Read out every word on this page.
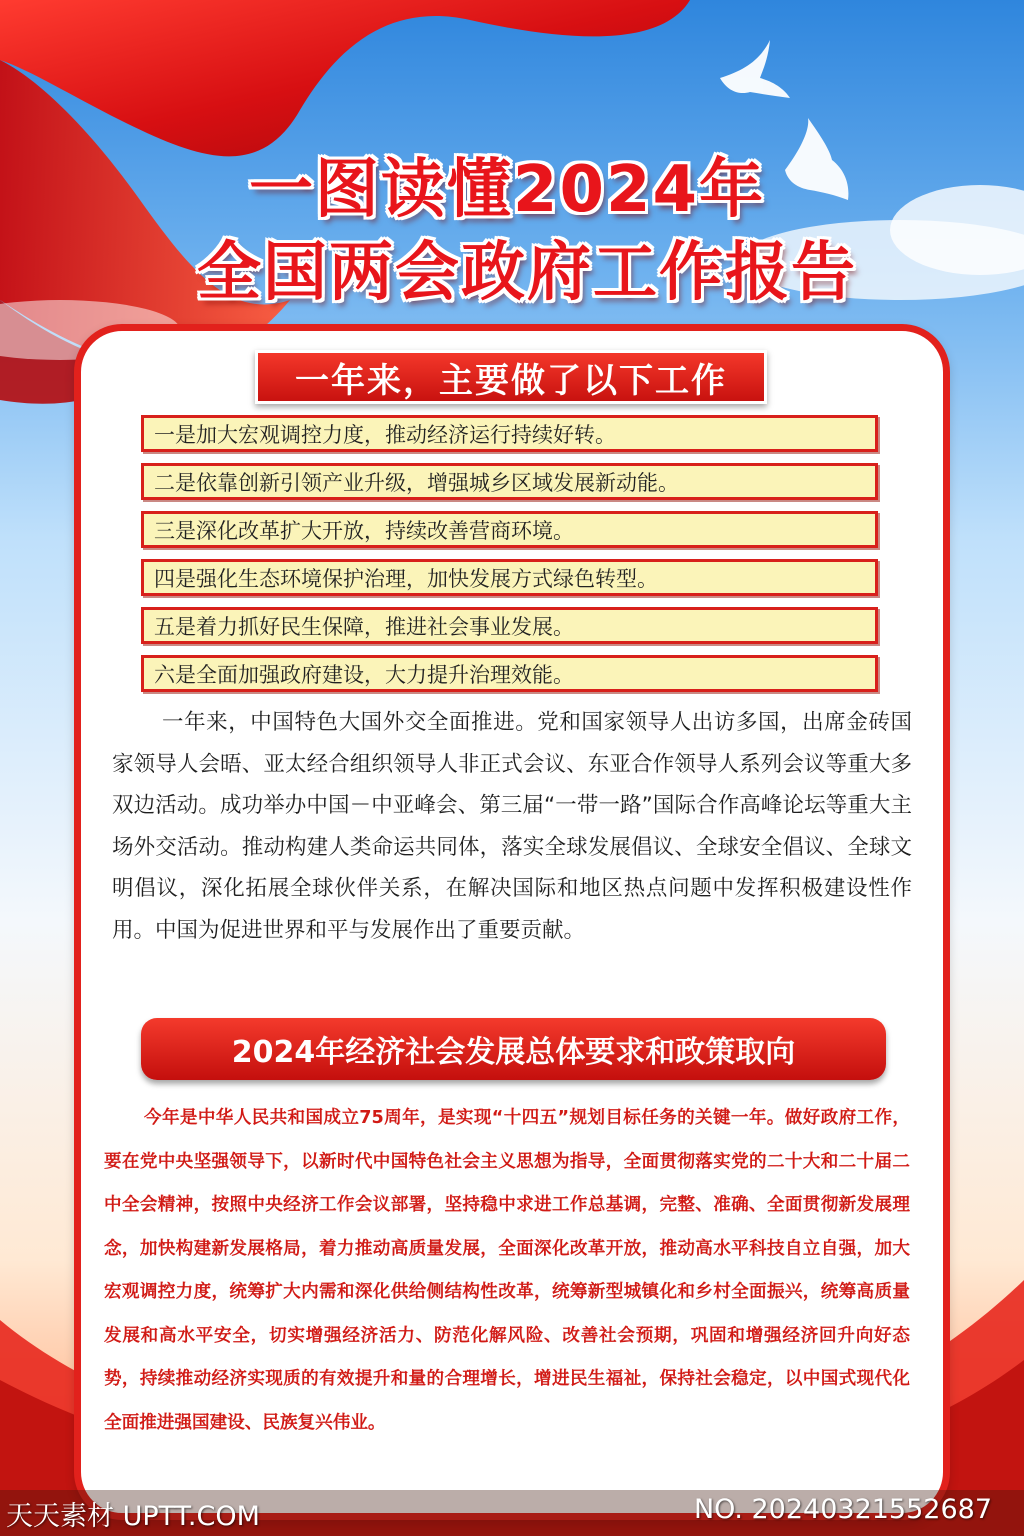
一图读懂2024年
全国两会政府工作报告
一年来，主要做了以下工作
一是加大宏观调控力度，推动经济运行持续好转。
二是依靠创新引领产业升级，增强城乡区域发展新动能。
三是深化改革扩大开放，持续改善营商环境。
四是强化生态环境保护治理，加快发展方式绿色转型。
五是着力抓好民生保障，推进社会事业发展。
六是全面加强政府建设，大力提升治理效能。
一年来，中国特色大国外交全面推进。党和国家领导人出访多国，出席金砖国家领导人会晤、亚太经合组织领导人非正式会议、东亚合作领导人系列会议等重大多双边活动。成功举办中国－中亚峰会、第三届“一带一路”国际合作高峰论坛等重大主场外交活动。推动构建人类命运共同体，落实全球发展倡议、全球安全倡议、全球文明倡议，深化拓展全球伙伴关系，在解决国际和地区热点问题中发挥积极建设性作用。中国为促进世界和平与发展作出了重要贡献。
2024年经济社会发展总体要求和政策取向
今年是中华人民共和国成立75周年，是实现“十四五”规划目标任务的关键一年。做好政府工作，要在党中央坚强领导下，以新时代中国特色社会主义思想为指导，全面贯彻落实党的二十大和二十届二中全会精神，按照中央经济工作会议部署，坚持稳中求进工作总基调，完整、准确、全面贯彻新发展理念，加快构建新发展格局，着力推动高质量发展，全面深化改革开放，推动高水平科技自立自强，加大宏观调控力度，统筹扩大内需和深化供给侧结构性改革，统筹新型城镇化和乡村全面振兴，统筹高质量发展和高水平安全，切实增强经济活力、防范化解风险、改善社会预期，巩固和增强经济回升向好态势，持续推动经济实现质的有效提升和量的合理增长，增进民生福祉，保持社会稳定，以中国式现代化全面推进强国建设、民族复兴伟业。
天天素材 UPTT.COM	NO. 20240321552687
